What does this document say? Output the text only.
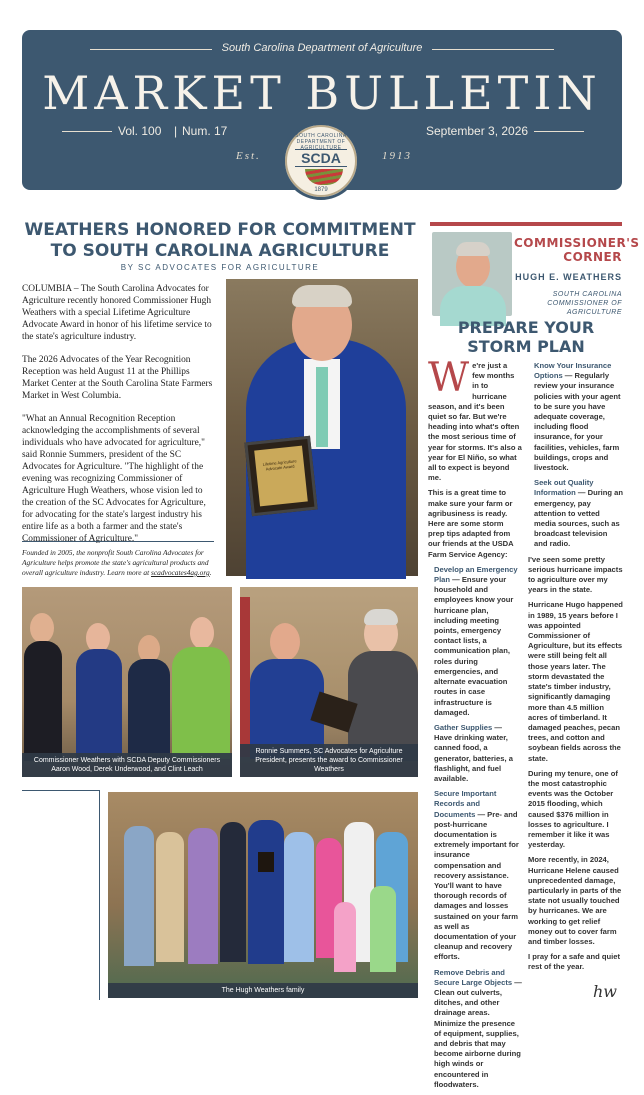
South Carolina Department of Agriculture
MARKET BULLETIN
Vol. 100 | Num. 17	September 3, 2026
Est.	1913
SOUTH CAROLINA DEPARTMENT OF AGRICULTURE
SCDA
1879
WEATHERS HONORED FOR COMMITMENT TO SOUTH CAROLINA AGRICULTURE
BY SC ADVOCATES FOR AGRICULTURE

COLUMBIA – The South Carolina Advocates for Agriculture recently honored Commissioner Hugh Weathers with a special Lifetime Agriculture Advocate Award in honor of his lifetime service to the state's agriculture industry.

The 2026 Advocates of the Year Recognition Reception was held August 11 at the Phillips Market Center at the South Carolina State Farmers Market in West Columbia.

"What an Annual Recognition Reception acknowledging the accomplishments of several individuals who have advocated for agriculture," said Ronnie Summers, president of the SC Advocates for Agriculture. "The highlight of the evening was recognizing Commissioner of Agriculture Hugh Weathers, whose vision led to the creation of the SC Advocates for Agriculture, for advocating for the state's largest industry his entire life as a both a farmer and the state's Commissioner of Agriculture."

Founded in 2005, the nonprofit South Carolina Advocates for Agriculture helps promote the state's agricultural products and overall agriculture industry. Learn more at scadvocates4ag.org.
Lifetime Agriculture Advocate Award
Commissioner Weathers with SCDA Deputy Commissioners
Aaron Wood, Derek Underwood, and Clint Leach
Ronnie Summers, SC Advocates for Agriculture
President, presents the award to Commissioner Weathers
The Hugh Weathers family
COMMISSIONER'S
CORNER
HUGH E. WEATHERS
SOUTH CAROLINA
COMMISSIONER OF AGRICULTURE
PREPARE YOUR
STORM PLAN

We're just a few months in to hurricane season, and it's been quiet so far. But we're heading into what's often the most serious time of year for storms. It's also a year for El Niño, so what all to expect is beyond me.

This is a great time to make sure your farm or agribusiness is ready. Here are some storm prep tips adapted from our friends at the USDA Farm Service Agency:

Develop an Emergency Plan — Ensure your household and employees know your hurricane plan, including meeting points, emergency contact lists, a communication plan, roles during emergencies, and alternate evacuation routes in case infrastructure is damaged.

Gather Supplies — Have drinking water, canned food, a generator, batteries, a flashlight, and fuel available.

Secure Important Records and Documents — Pre- and post-hurricane documentation is extremely important for insurance compensation and recovery assistance. You'll want to have thorough records of damages and losses sustained on your farm as well as documentation of your cleanup and recovery efforts.

Remove Debris and Secure Large Objects — Clean out culverts, ditches, and other drainage areas. Minimize the presence of equipment, supplies, and debris that may become airborne during high winds or encountered in floodwaters.

Know Your Insurance Options — Regularly review your insurance policies with your agent to be sure you have adequate coverage, including flood insurance, for your facilities, vehicles, farm buildings, crops and livestock.

Seek out Quality Information — During an emergency, pay attention to vetted media sources, such as broadcast television and radio.

I've seen some pretty serious hurricane impacts to agriculture over my years in the state.

Hurricane Hugo happened in 1989, 15 years before I was appointed Commissioner of Agriculture, but its effects were still being felt all those years later. The storm devastated the state's timber industry, significantly damaging more than 4.5 million acres of timberland. It damaged peaches, pecan trees, and cotton and soybean fields across the state.

During my tenure, one of the most catastrophic events was the October 2015 flooding, which caused $376 million in losses to agriculture. I remember it like it was yesterday.

More recently, in 2024, Hurricane Helene caused unprecedented damage, particularly in parts of the state not usually touched by hurricanes. We are working to get relief money out to cover farm and timber losses.

I pray for a safe and quiet rest of the year.

hw
